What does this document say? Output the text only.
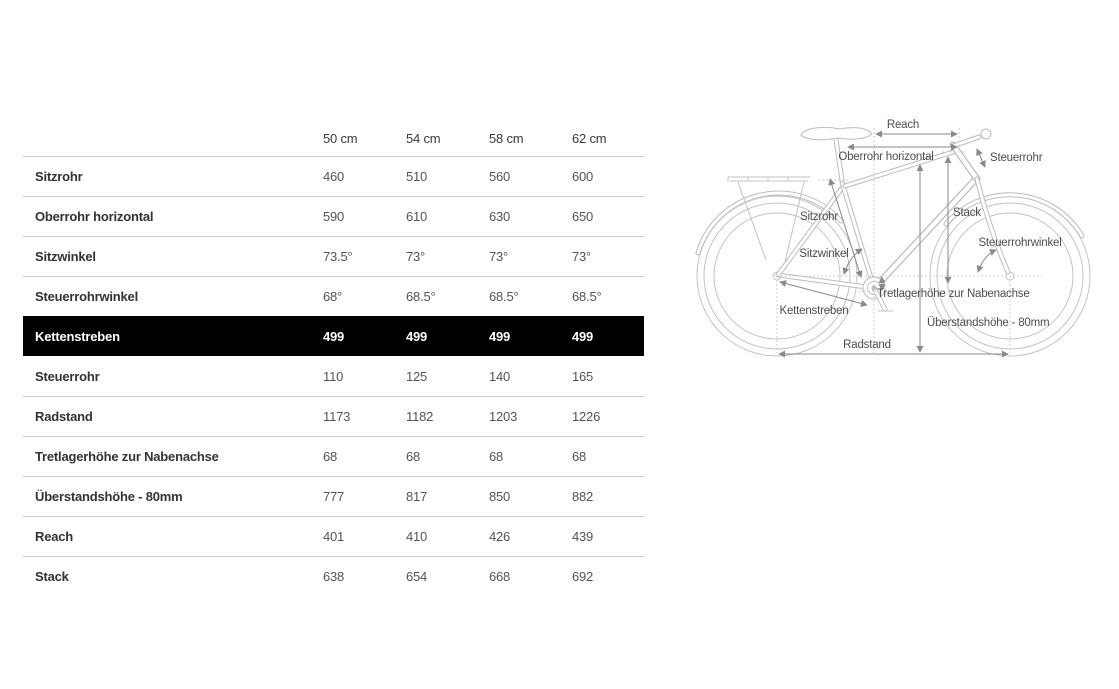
50 cm	54 cm	58 cm	62 cm
Sitzrohr	460	510	560	600
Oberrohr horizontal	590	610	630	650
Sitzwinkel	73.5°	73°	73°	73°
Steuerrohrwinkel	68°	68.5°	68.5°	68.5°
Kettenstreben	499	499	499	499
Steuerrohr	110	125	140	165
Radstand	1173	1182	1203	1226
Tretlagerhöhe zur Nabenachse	68	68	68	68
Überstandshöhe - 80mm	777	817	850	882
Reach	401	410	426	439
Stack	638	654	668	692
Reach
Oberrohr horizontal	Steuerrohr
Sitzrohr	Stack
Steuerrohrwinkel
Sitzwinkel
Tretlagerhöhe zur Nabenachse
Kettenstreben
Überstandshöhe - 80mm
Radstand
